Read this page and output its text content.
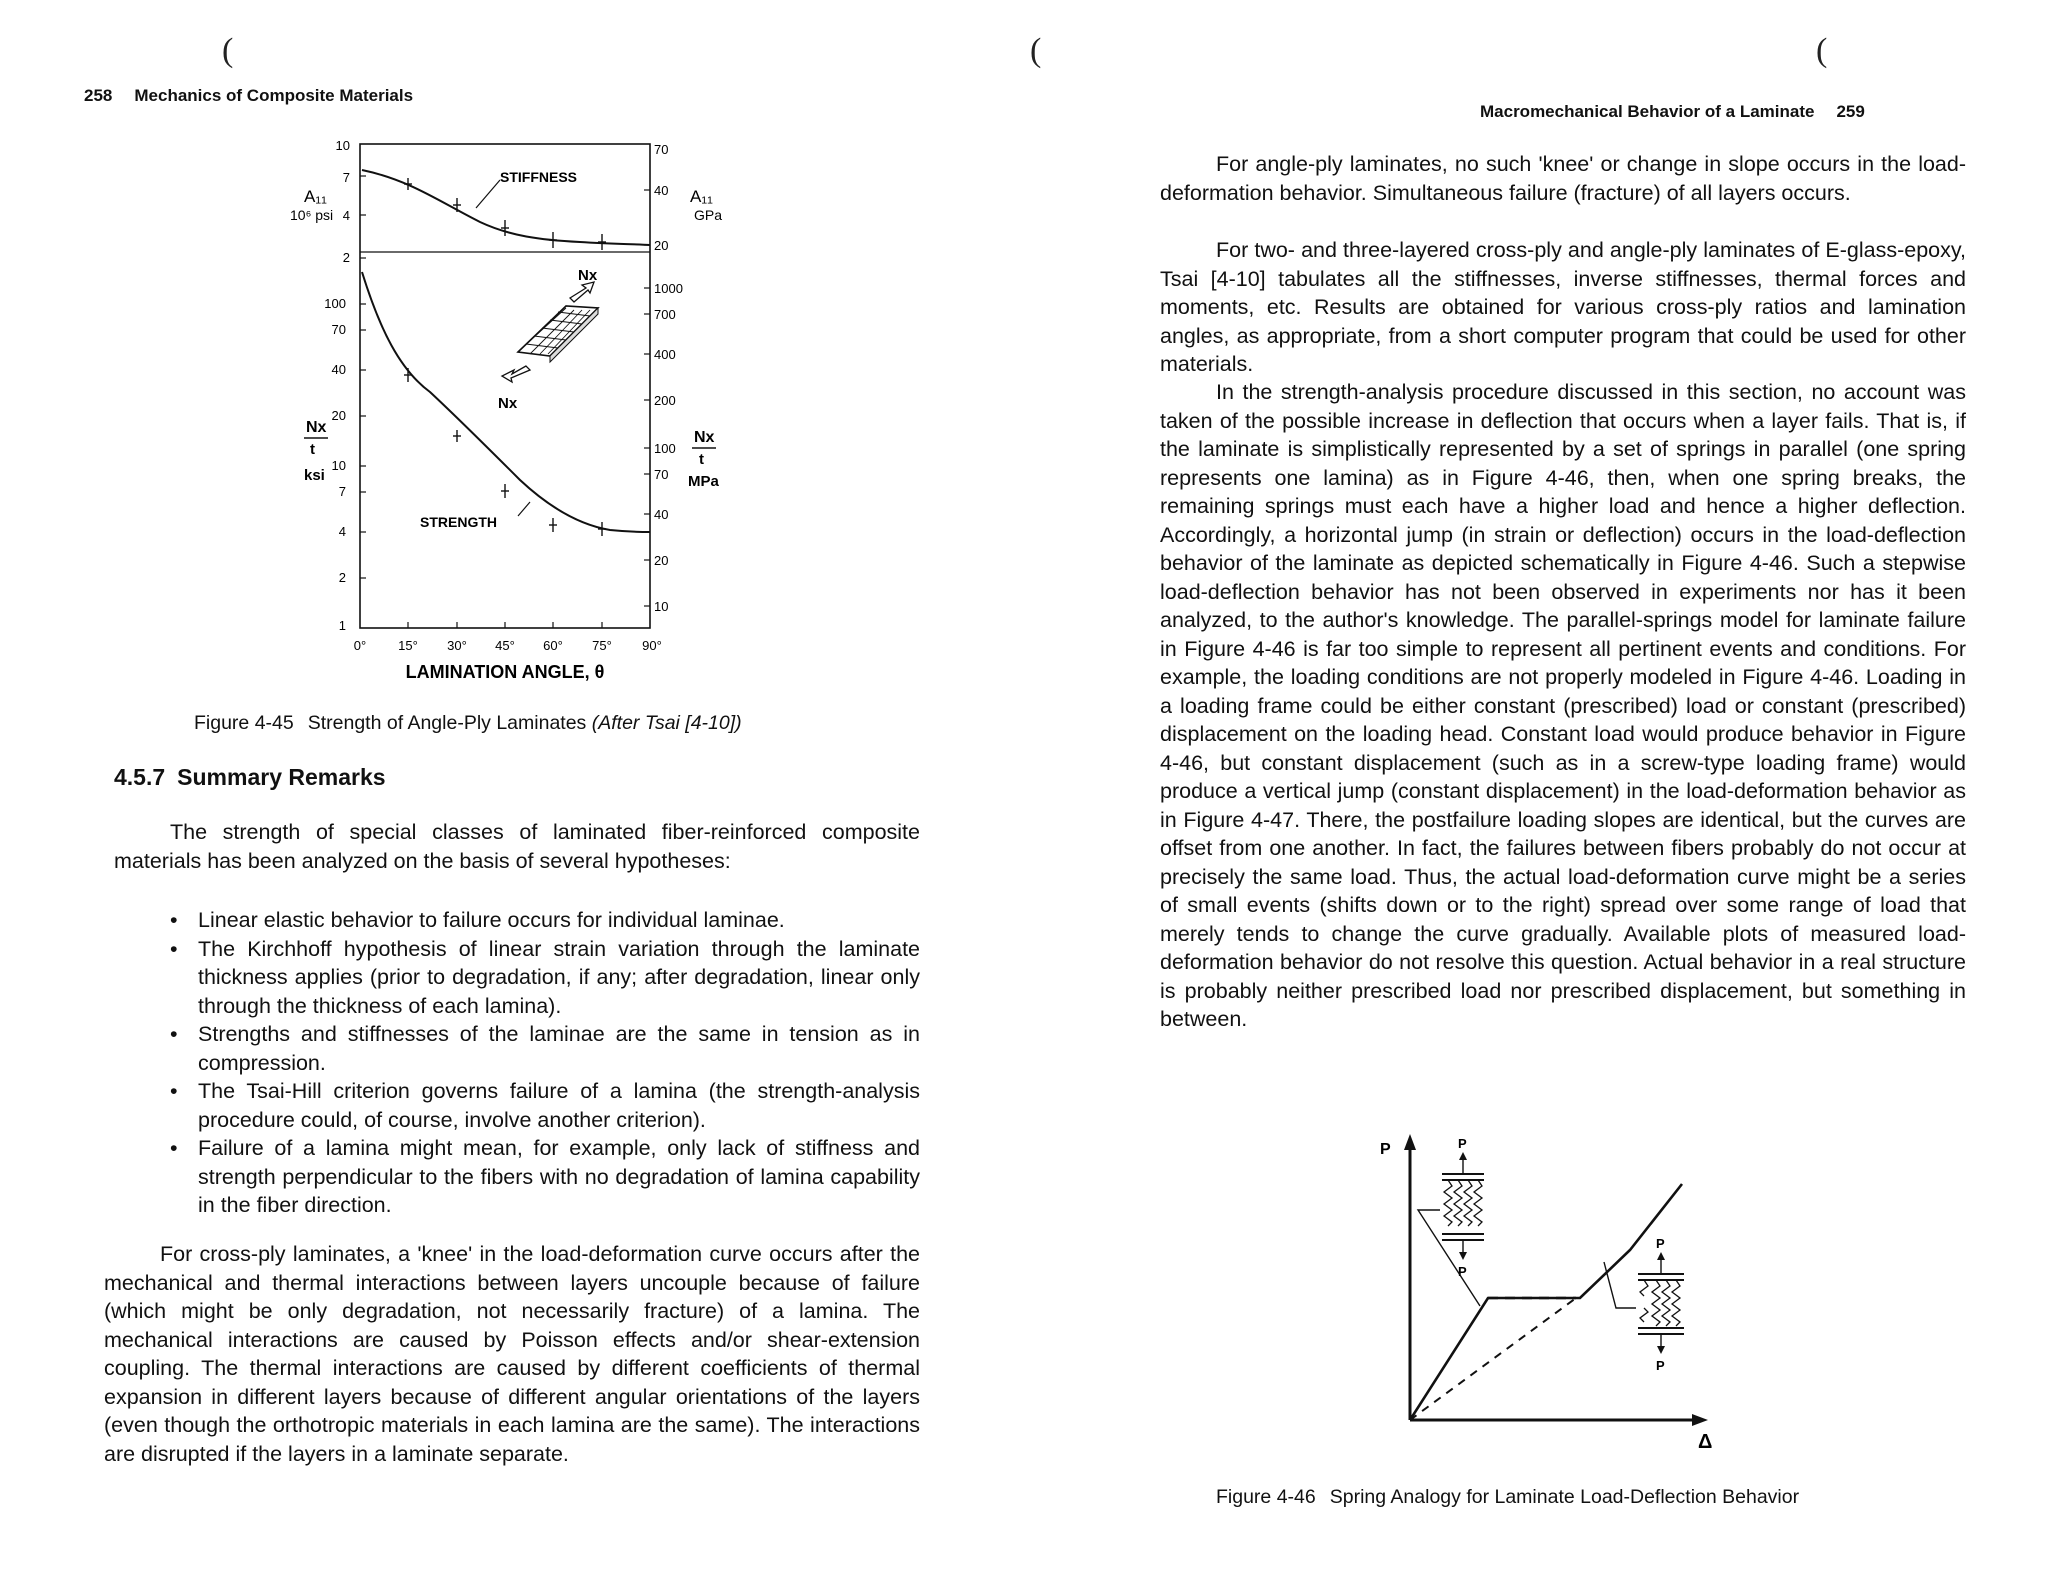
(
258 Mechanics of Composite Materials
A₁₁
10⁶ psi
10
7
4
2
100
70
40
20
10
7
4
2
1
Nx
t
ksi
STIFFNESS
STRENGTH
Nx
Nx
70
40
20
A₁₁
GPa
1000
700
400
200
100
70
40
20
10
Nx
t
MPa
0° 15° 30° 45° 60° 75° 90°
LAMINATION ANGLE, θ
Figure 4-45 Strength of Angle-Ply Laminates (After Tsai [4-10])
4.5.7 Summary Remarks

The strength of special classes of laminated fiber-reinforced composite materials has been analyzed on the basis of several hypotheses:

• Linear elastic behavior to failure occurs for individual laminae.
• The Kirchhoff hypothesis of linear strain variation through the laminate thickness applies (prior to degradation, if any; after degradation, linear only through the thickness of each lamina).
• Strengths and stiffnesses of the laminae are the same in tension as in compression.
• The Tsai-Hill criterion governs failure of a lamina (the strength-analysis procedure could, of course, involve another criterion).
• Failure of a lamina might mean, for example, only lack of stiffness and strength perpendicular to the fibers with no degradation of lamina capability in the fiber direction.

For cross-ply laminates, a 'knee' in the load-deformation curve occurs after the mechanical and thermal interactions between layers uncouple because of failure (which might be only degradation, not necessarily fracture) of a lamina. The mechanical interactions are caused by Poisson effects and/or shear-extension coupling. The thermal interactions are caused by different coefficients of thermal expansion in different layers because of different angular orientations of the layers (even though the orthotropic materials in each lamina are the same). The interactions are disrupted if the layers in a laminate separate.

(	(
Macromechanical Behavior of a Laminate 259

For angle-ply laminates, no such 'knee' or change in slope occurs in the load-deformation behavior. Simultaneous failure (fracture) of all layers occurs.

For two- and three-layered cross-ply and angle-ply laminates of E-glass-epoxy, Tsai [4-10] tabulates all the stiffnesses, inverse stiffnesses, thermal forces and moments, etc. Results are obtained for various cross-ply ratios and lamination angles, as appropriate, from a short computer program that could be used for other materials.

In the strength-analysis procedure discussed in this section, no account was taken of the possible increase in deflection that occurs when a layer fails. That is, if the laminate is simplistically represented by a set of springs in parallel (one spring represents one lamina) as in Figure 4-46, then, when one spring breaks, the remaining springs must each have a higher load and hence a higher deflection. Accordingly, a horizontal jump (in strain or deflection) occurs in the load-deflection behavior of the laminate as depicted schematically in Figure 4-46. Such a stepwise load-deflection behavior has not been observed in experiments nor has it been analyzed, to the author's knowledge. The parallel-springs model for laminate failure in Figure 4-46 is far too simple to represent all pertinent events and conditions. For example, the loading conditions are not properly modeled in Figure 4-46. Loading in a loading frame could be either constant (prescribed) load or constant (prescribed) displacement on the loading head. Constant load would produce behavior in Figure 4-46, but constant displacement (such as in a screw-type loading frame) would produce a vertical jump (constant displacement) in the load-deformation behavior as in Figure 4-47. There, the postfailure loading slopes are identical, but the curves are offset from one another. In fact, the failures between fibers probably do not occur at precisely the same load. Thus, the actual load-deformation curve might be a series of small events (shifts down or to the right) spread over some range of load that merely tends to change the curve gradually. Available plots of measured load-deformation behavior do not resolve this question. Actual behavior in a real structure is probably neither prescribed load nor prescribed displacement, but something in between.

P
Δ
P
P
P
P
Figure 4-46 Spring Analogy for Laminate Load-Deflection Behavior
